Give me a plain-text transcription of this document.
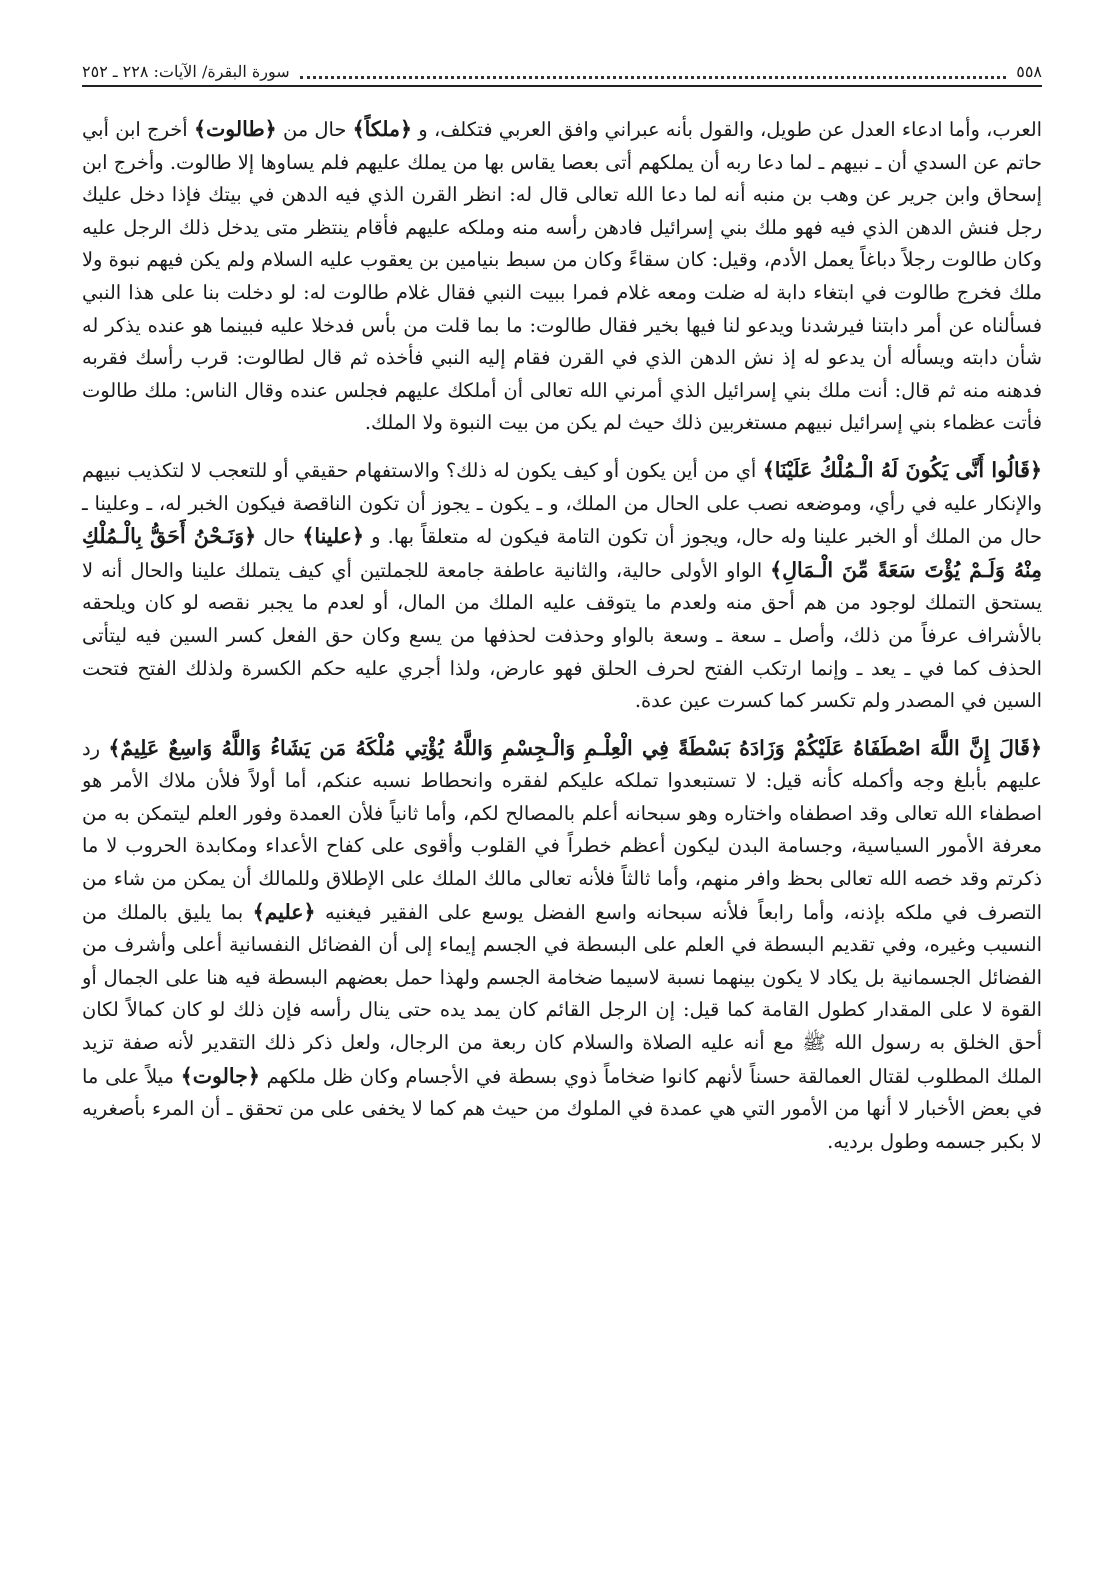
٥٥٨
سورة البقرة/ الآيات: ٢٢٨ ـ ٢٥٢

العرب، وأما ادعاء العدل عن طويل، والقول بأنه عبراني وافق العربي فتكلف، و ﴿ملكاً﴾ حال من ﴿طالوت﴾ أخرج ابن أبي حاتم عن السدي أن ـ نبيهم ـ لما دعا ربه أن يملكهم أتى بعصا يقاس بها من يملك عليهم فلم يساوها إلا طالوت. وأخرج ابن إسحاق وابن جرير عن وهب بن منبه أنه لما دعا الله تعالى قال له: انظر القرن الذي فيه الدهن في بيتك فإذا دخل عليك رجل فنش الدهن الذي فيه فهو ملك بني إسرائيل فادهن رأسه منه وملكه عليهم فأقام ينتظر متى يدخل ذلك الرجل عليه وكان طالوت رجلاً دباغاً يعمل الأدم، وقيل: كان سقاءً وكان من سبط بنيامين بن يعقوب عليه السلام ولم يكن فيهم نبوة ولا ملك فخرج طالوت في ابتغاء دابة له ضلت ومعه غلام فمرا ببيت النبي فقال غلام طالوت له: لو دخلت بنا على هذا النبي فسألناه عن أمر دابتنا فيرشدنا ويدعو لنا فيها بخير فقال طالوت: ما بما قلت من بأس فدخلا عليه فبينما هو عنده يذكر له شأن دابته ويسأله أن يدعو له إذ نش الدهن الذي في القرن فقام إليه النبي فأخذه ثم قال لطالوت: قرب رأسك فقربه فدهنه منه ثم قال: أنت ملك بني إسرائيل الذي أمرني الله تعالى أن أملكك عليهم فجلس عنده وقال الناس: ملك طالوت فأتت عظماء بني إسرائيل نبيهم مستغربين ذلك حيث لم يكن من بيت النبوة ولا الملك.

﴿قَالُوا أَنَّى يَكُونَ لَهُ الْـمُلْكُ عَلَيْنَا﴾ أي من أين يكون أو كيف يكون له ذلك؟ والاستفهام حقيقي أو للتعجب لا لتكذيب نبيهم والإنكار عليه في رأي، وموضعه نصب على الحال من الملك، و ـ يكون ـ يجوز أن تكون الناقصة فيكون الخبر له، ـ وعلينا ـ حال من الملك أو الخبر علينا وله حال، ويجوز أن تكون التامة فيكون له متعلقاً بها. و ﴿علينا﴾ حال ﴿وَنَـحْنُ أَحَقُّ بِالْـمُلْكِ مِنْهُ وَلَـمْ يُؤْتَ سَعَةً مِّنَ الْـمَالِ﴾ الواو الأولى حالية، والثانية عاطفة جامعة للجملتين أي كيف يتملك علينا والحال أنه لا يستحق التملك لوجود من هم أحق منه ولعدم ما يتوقف عليه الملك من المال، أو لعدم ما يجبر نقصه لو كان ويلحقه بالأشراف عرفاً من ذلك، وأصل ـ سعة ـ وسعة بالواو وحذفت لحذفها من يسع وكان حق الفعل كسر السين فيه ليتأتى الحذف كما في ـ يعد ـ وإنما ارتكب الفتح لحرف الحلق فهو عارض، ولذا أجري عليه حكم الكسرة ولذلك الفتح فتحت السين في المصدر ولم تكسر كما كسرت عين عدة.

﴿قَالَ إِنَّ اللَّهَ اصْطَفَاهُ عَلَيْكُمْ وَزَادَهُ بَسْطَةً فِي الْعِلْـمِ وَالْـجِسْمِ وَاللَّهُ يُؤْتِي مُلْكَهُ مَن يَشَاءُ وَاللَّهُ وَاسِعٌ عَلِيمٌ﴾ رد عليهم بأبلغ وجه وأكمله كأنه قيل: لا تستبعدوا تملكه عليكم لفقره وانحطاط نسبه عنكم، أما أولاً فلأن ملاك الأمر هو اصطفاء الله تعالى وقد اصطفاه واختاره وهو سبحانه أعلم بالمصالح لكم، وأما ثانياً فلأن العمدة وفور العلم ليتمكن به من معرفة الأمور السياسية، وجسامة البدن ليكون أعظم خطراً في القلوب وأقوى على كفاح الأعداء ومكابدة الحروب لا ما ذكرتم وقد خصه الله تعالى بحظ وافر منهم، وأما ثالثاً فلأنه تعالى مالك الملك على الإطلاق وللمالك أن يمكن من شاء من التصرف في ملكه بإذنه، وأما رابعاً فلأنه سبحانه واسع الفضل يوسع على الفقير فيغنيه ﴿عليم﴾ بما يليق بالملك من النسيب وغيره، وفي تقديم البسطة في العلم على البسطة في الجسم إيماء إلى أن الفضائل النفسانية أعلى وأشرف من الفضائل الجسمانية بل يكاد لا يكون بينهما نسبة لاسيما ضخامة الجسم ولهذا حمل بعضهم البسطة فيه هنا على الجمال أو القوة لا على المقدار كطول القامة كما قيل: إن الرجل القائم كان يمد يده حتى ينال رأسه فإن ذلك لو كان كمالاً لكان أحق الخلق به رسول الله ﷺ مع أنه عليه الصلاة والسلام كان ربعة من الرجال، ولعل ذكر ذلك التقدير لأنه صفة تزيد الملك المطلوب لقتال العمالقة حسناً لأنهم كانوا ضخاماً ذوي بسطة في الأجسام وكان ظل ملكهم ﴿جالوت﴾ ميلاً على ما في بعض الأخبار لا أنها من الأمور التي هي عمدة في الملوك من حيث هم كما لا يخفى على من تحقق ـ أن المرء بأصغريه لا بكبر جسمه وطول برديه.
